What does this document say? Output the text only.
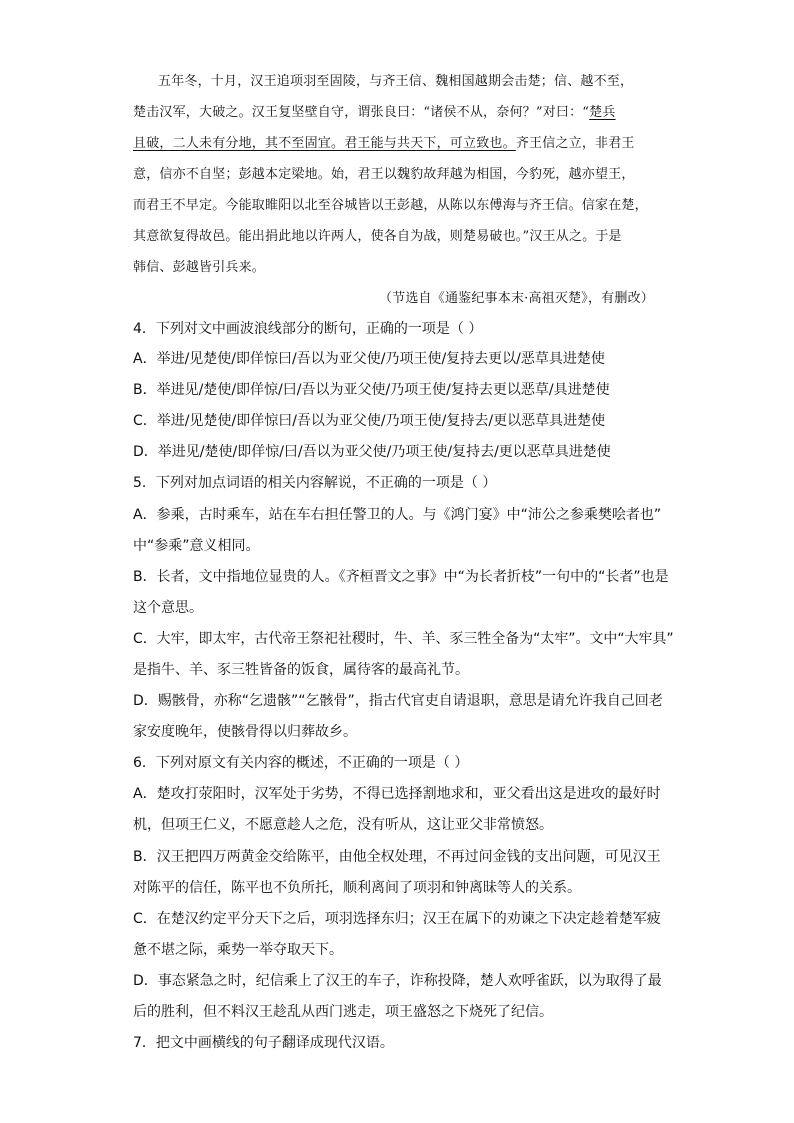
五年冬，十月，汉王追项羽至固陵，与齐王信、魏相国越期会击楚；信、越不至，
楚击汉军，大破之。汉王复坚壁自守，谓张良曰：“诸侯不从，奈何？”对曰：“楚兵
且破，二人未有分地，其不至固宜。君王能与共天下，可立致也。齐王信之立，非君王
意，信亦不自坚；彭越本定梁地。始，君王以魏豹故拜越为相国，今豹死，越亦望王，
而君王不早定。今能取睢阳以北至谷城皆以王彭越，从陈以东傅海与齐王信。信家在楚，
其意欲复得故邑。能出捐此地以许两人，使各自为战，则楚易破也。”汉王从之。于是
韩信、彭越皆引兵来。
（节选自《通鉴纪事本末·高祖灭楚》，有删改）
4．下列对文中画波浪线部分的断句，正确的一项是（ ）
A．举进/见楚使/即佯惊曰/吾以为亚父使/乃项王使/复持去更以/恶草具进楚使
B．举进见/楚使/即佯惊/曰/吾以为亚父使/乃项王使/复持去更以恶草/具进楚使
C．举进/见楚使/即佯惊曰/吾以为亚父使/乃项王使/复持去/更以恶草具进楚使
D．举进见/楚使/即佯惊/曰/吾以为亚父使/乃项王使/复持去/更以恶草具进楚使
5．下列对加点词语的相关内容解说，不正确的一项是（ ）
A．参乘，古时乘车，站在车右担任警卫的人。与《鸿门宴》中“沛公之参乘樊哙者也”
中“参乘”意义相同。
B．长者，文中指地位显贵的人。《齐桓晋文之事》中“为长者折枝”一句中的“长者”也是
这个意思。
C．大牢，即太牢，古代帝王祭祀社稷时，牛、羊、豕三牲全备为“太牢”。文中“大牢具”
是指牛、羊、豕三牲皆备的饭食，属待客的最高礼节。
D．赐骸骨，亦称“乞遗骸”“乞骸骨”，指古代官吏自请退职，意思是请允许我自己回老
家安度晚年，使骸骨得以归葬故乡。
6．下列对原文有关内容的概述，不正确的一项是（ ）
A．楚攻打荥阳时，汉军处于劣势，不得已选择割地求和，亚父看出这是进攻的最好时
机，但项王仁义，不愿意趁人之危，没有听从，这让亚父非常愤怒。
B．汉王把四万两黄金交给陈平，由他全权处理，不再过问金钱的支出问题，可见汉王
对陈平的信任，陈平也不负所托，顺利离间了项羽和钟离昧等人的关系。
C．在楚汉约定平分天下之后，项羽选择东归；汉王在属下的劝谏之下决定趁着楚军疲
惫不堪之际，乘势一举夺取天下。
D．事态紧急之时，纪信乘上了汉王的车子，诈称投降，楚人欢呼雀跃，以为取得了最
后的胜利，但不料汉王趁乱从西门逃走，项王盛怒之下烧死了纪信。
7．把文中画横线的句子翻译成现代汉语。
